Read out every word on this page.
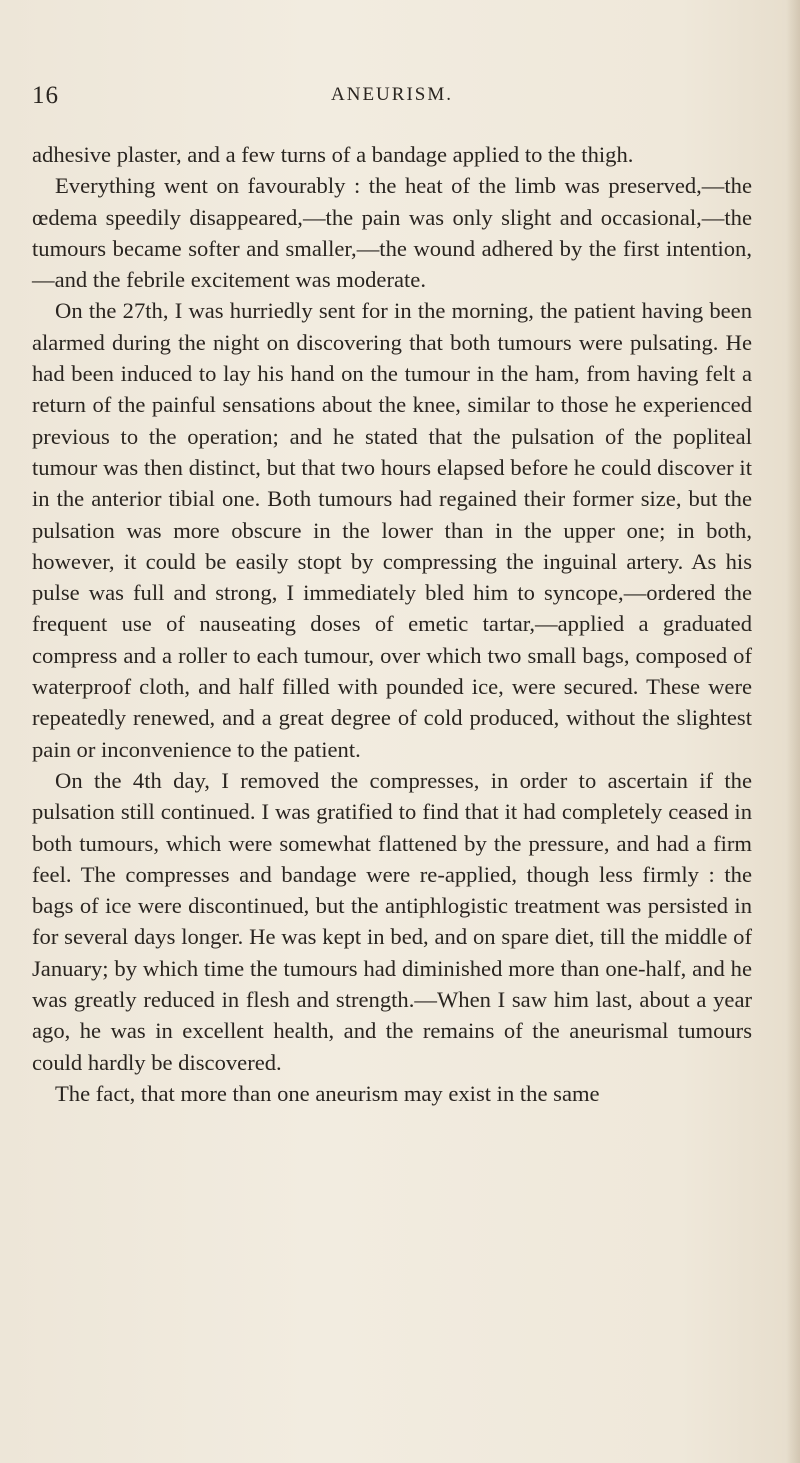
16	ANEURISM.

adhesive plaster, and a few turns of a bandage applied to the thigh.

Everything went on favourably : the heat of the limb was preserved,—the œdema speedily disappeared,—the pain was only slight and occasional,—the tumours became softer and smaller,—the wound adhered by the first intention,—and the febrile excitement was moderate.

On the 27th, I was hurriedly sent for in the morning, the patient having been alarmed during the night on discovering that both tumours were pulsating. He had been induced to lay his hand on the tumour in the ham, from having felt a return of the painful sensations about the knee, similar to those he experienced previous to the operation; and he stated that the pulsation of the popliteal tumour was then distinct, but that two hours elapsed before he could discover it in the anterior tibial one. Both tumours had regained their former size, but the pulsation was more obscure in the lower than in the upper one; in both, however, it could be easily stopt by compressing the inguinal artery. As his pulse was full and strong, I immediately bled him to syncope,—ordered the frequent use of nauseating doses of emetic tartar,—applied a graduated compress and a roller to each tumour, over which two small bags, composed of waterproof cloth, and half filled with pounded ice, were secured. These were repeatedly renewed, and a great degree of cold produced, without the slightest pain or inconvenience to the patient.

On the 4th day, I removed the compresses, in order to ascertain if the pulsation still continued. I was gratified to find that it had completely ceased in both tumours, which were somewhat flattened by the pressure, and had a firm feel. The compresses and bandage were re-applied, though less firmly : the bags of ice were discontinued, but the antiphlogistic treatment was persisted in for several days longer. He was kept in bed, and on spare diet, till the middle of January; by which time the tumours had diminished more than one-half, and he was greatly reduced in flesh and strength.—When I saw him last, about a year ago, he was in excellent health, and the remains of the aneurismal tumours could hardly be discovered.

The fact, that more than one aneurism may exist in the same
